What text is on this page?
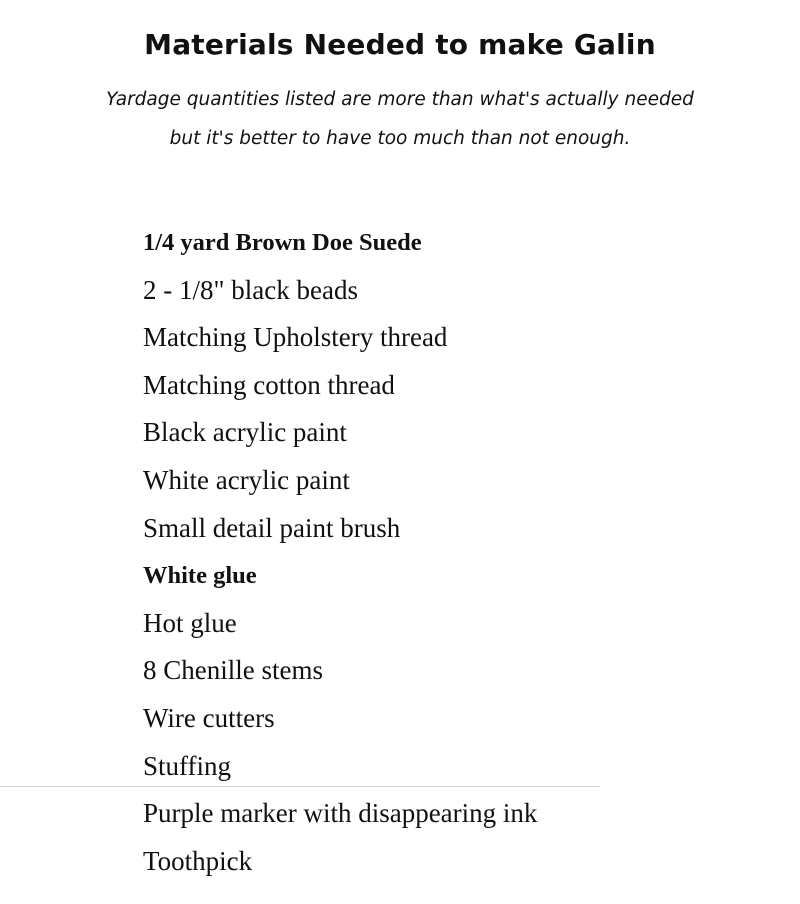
Materials Needed to make Galin
Yardage quantities listed are more than what's actually needed
but it's better to have too much than not enough.
1/4 yard Brown Doe Suede
2 - 1/8" black beads
Matching Upholstery thread
Matching cotton thread
Black acrylic paint
White acrylic paint
Small detail paint brush
White glue
Hot glue
8 Chenille stems
Wire cutters
Stuffing
Purple marker with disappearing ink
Toothpick
